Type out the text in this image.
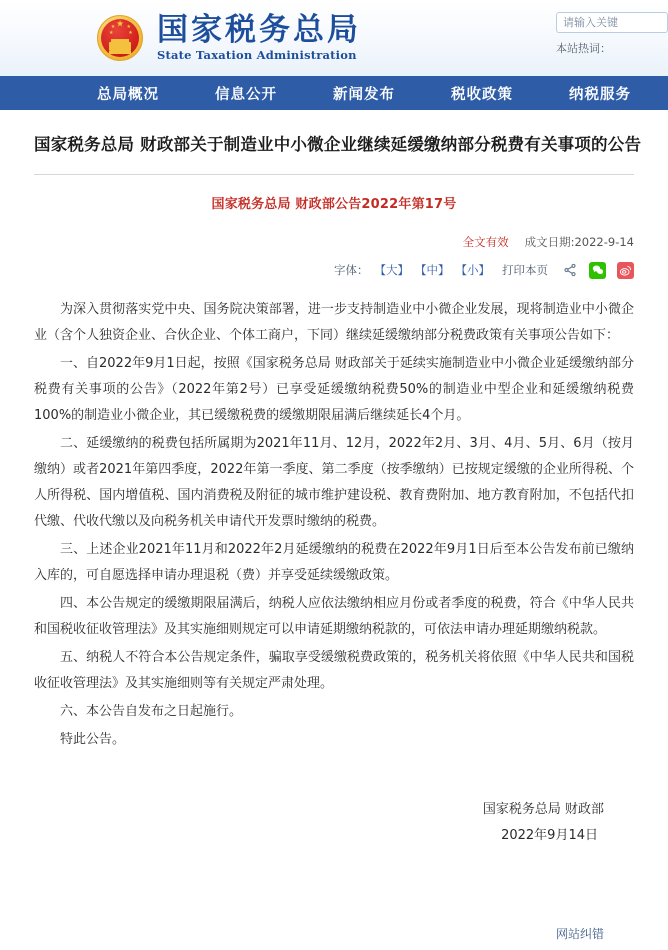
★
★ ★
★	★ 国家税务总局
State Taxation Administration
请输入关键
本站热词：
总局概况	信息公开	新闻发布	税收政策	纳税服务
国家税务总局 财政部关于制造业中小微企业继续延缓缴纳部分税费有关事项的公告
国家税务总局 财政部公告2022年第17号
全文有效 成文日期:2022-9-14
字体： 【大】 【中】 【小】 打印本页

为深入贯彻落实党中央、国务院决策部署，进一步支持制造业中小微企业发展，现将制造业中小微企业（含个人独资企业、合伙企业、个体工商户，下同）继续延缓缴纳部分税费政策有关事项公告如下：

一、自2022年9月1日起，按照《国家税务总局 财政部关于延续实施制造业中小微企业延缓缴纳部分税费有关事项的公告》（2022年第2号）已享受延缓缴纳税费50%的制造业中型企业和延缓缴纳税费100%的制造业小微企业，其已缓缴税费的缓缴期限届满后继续延长4个月。

二、延缓缴纳的税费包括所属期为2021年11月、12月，2022年2月、3月、4月、5月、6月（按月缴纳）或者2021年第四季度，2022年第一季度、第二季度（按季缴纳）已按规定缓缴的企业所得税、个人所得税、国内增值税、国内消费税及附征的城市维护建设税、教育费附加、地方教育附加，不包括代扣代缴、代收代缴以及向税务机关申请代开发票时缴纳的税费。

三、上述企业2021年11月和2022年2月延缓缴纳的税费在2022年9月1日后至本公告发布前已缴纳入库的，可自愿选择申请办理退税（费）并享受延续缓缴政策。

四、本公告规定的缓缴期限届满后，纳税人应依法缴纳相应月份或者季度的税费，符合《中华人民共和国税收征收管理法》及其实施细则规定可以申请延期缴纳税款的，可依法申请办理延期缴纳税款。

五、纳税人不符合本公告规定条件，骗取享受缓缴税费政策的，税务机关将依照《中华人民共和国税收征收管理法》及其实施细则等有关规定严肃处理。

六、本公告自发布之日起施行。

特此公告。

国家税务总局 财政部
2022年9月14日
网站纠错
